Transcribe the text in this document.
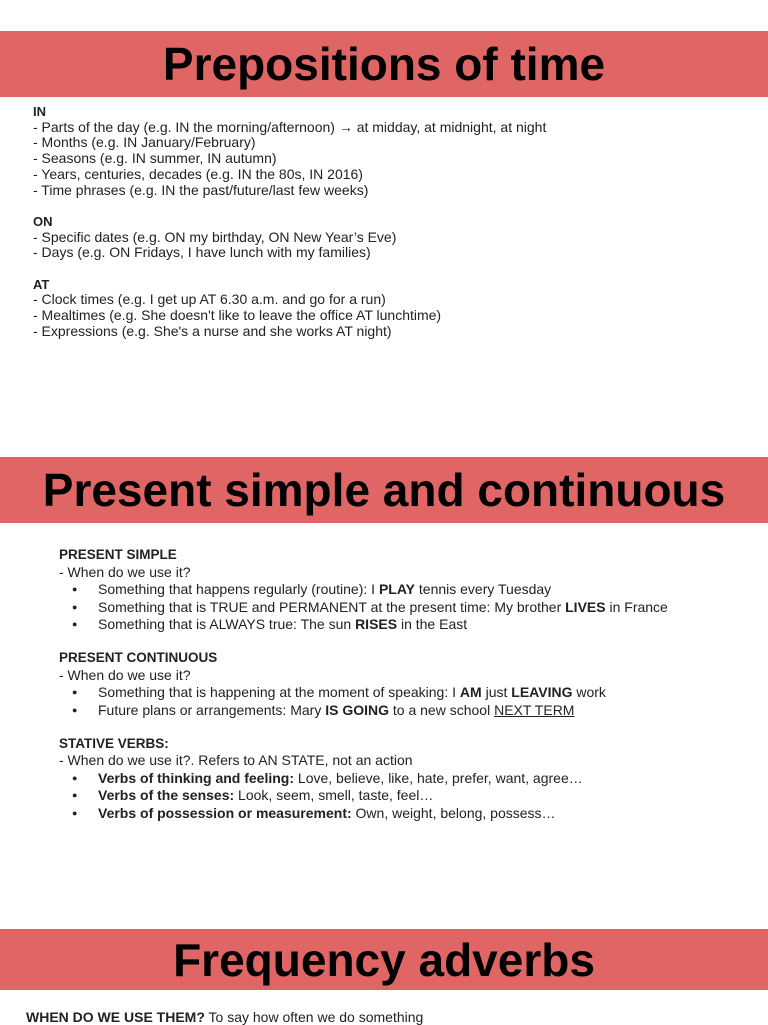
Prepositions of time
IN
- Parts of the day (e.g. IN the morning/afternoon) → at midday, at midnight, at night
- Months (e.g. IN January/February)
- Seasons (e.g. IN summer, IN autumn)
- Years, centuries, decades (e.g. IN the 80s, IN 2016)
- Time phrases (e.g. IN the past/future/last few weeks)
ON
- Specific dates (e.g. ON my birthday, ON New Year’s Eve)
- Days (e.g. ON Fridays, I have lunch with my families)
AT
- Clock times (e.g. I get up AT 6.30 a.m. and go for a run)
- Mealtimes (e.g. She doesn't like to leave the office AT lunchtime)
- Expressions (e.g. She's a nurse and she works AT night)
Present simple and continuous
PRESENT SIMPLE
- When do we use it?
● Something that happens regularly (routine): I PLAY tennis every Tuesday
● Something that is TRUE and PERMANENT at the present time: My brother LIVES in France
● Something that is ALWAYS true: The sun RISES in the East
PRESENT CONTINUOUS
- When do we use it?
● Something that is happening at the moment of speaking: I AM just LEAVING work
● Future plans or arrangements: Mary IS GOING to a new school NEXT TERM
STATIVE VERBS:
- When do we use it?. Refers to AN STATE, not an action
● Verbs of thinking and feeling: Love, believe, like, hate, prefer, want, agree…
● Verbs of the senses: Look, seem, smell, taste, feel…
● Verbs of possession or measurement: Own, weight, belong, possess…
Frequency adverbs
WHEN DO WE USE THEM? To say how often we do something
